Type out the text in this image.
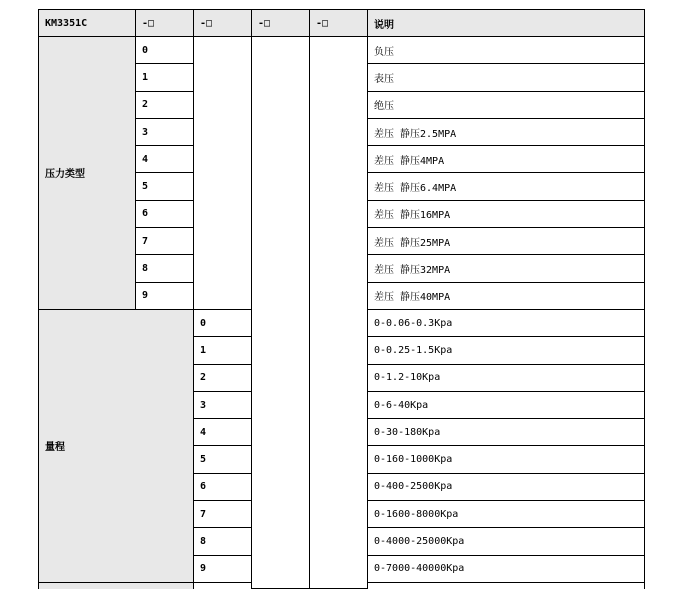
KM3351C	-□	-□	-□	-□	说明
压力类型	0				负压
	1				表压
	2				绝压
	3				差压 静压2.5MPA
	4				差压 静压4MPA
	5				差压 静压6.4MPA
	6				差压 静压16MPA
	7				差压 静压25MPA
	8				差压 静压32MPA
	9				差压 静压40MPA
量程		0			0-0.06-0.3Kpa
		1			0-0.25-1.5Kpa
		2			0-1.2-10Kpa
		3			0-6-40Kpa
		4			0-30-180Kpa
		5			0-160-1000Kpa
		6			0-400-2500Kpa
		7			0-1600-8000Kpa
		8			0-4000-25000Kpa
		9			0-7000-40000Kpa
